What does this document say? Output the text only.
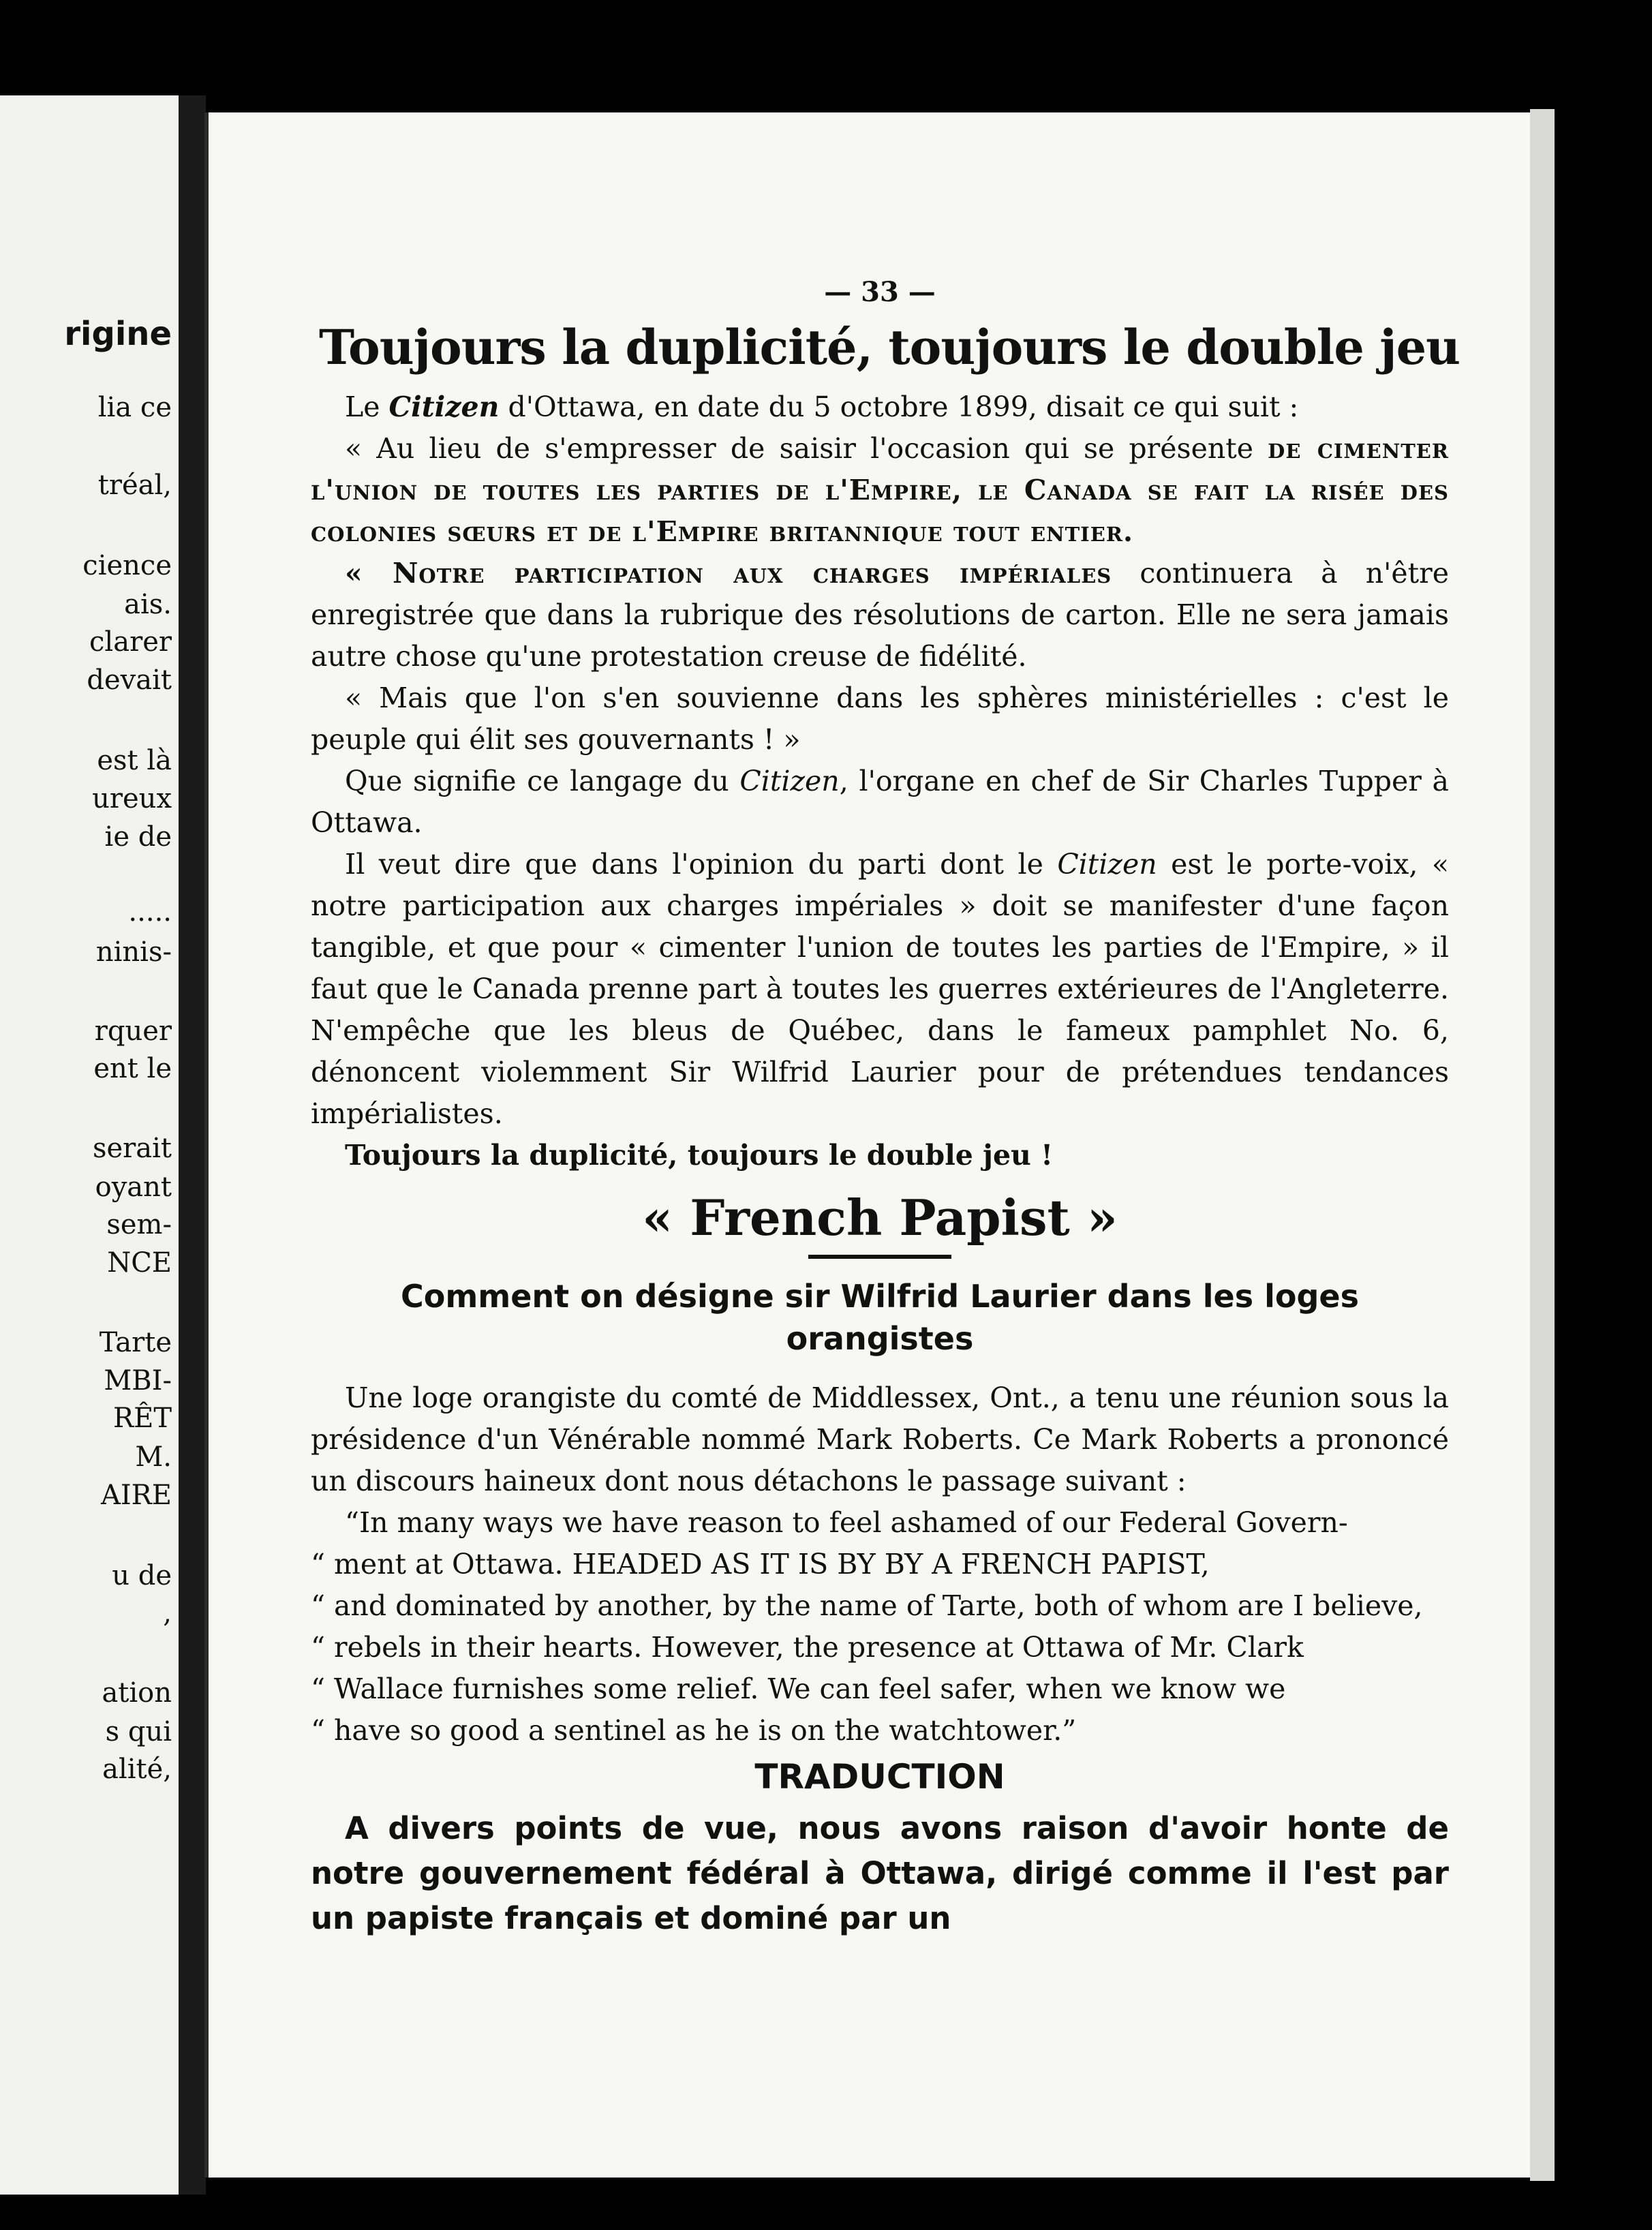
rigine
lia ce
tréal,
cience
ais.
clarer
devait
est là
ureux
ie de
.....
ninis-
rquer
ent le
serait
oyant
sem-
NCE
Tarte
MBI-
RÊT
M.
AIRE
u de
,
ation
s qui
alité,
— 33 —
Toujours la duplicité, toujours le double jeu

Le Citizen d'Ottawa, en date du 5 octobre 1899, disait ce qui suit :

« Au lieu de s'empresser de saisir l'occasion qui se présente de cimenter l'union de toutes les parties de l'Empire, le Canada se fait la risée des colonies sœurs et de l'Empire britannique tout entier.

« Notre participation aux charges impériales continuera à n'être enregistrée que dans la rubrique des résolutions de carton. Elle ne sera jamais autre chose qu'une protestation creuse de fidélité.

« Mais que l'on s'en souvienne dans les sphères ministérielles : c'est le peuple qui élit ses gouvernants ! »

Que signifie ce langage du Citizen, l'organe en chef de Sir Charles Tupper à Ottawa.

Il veut dire que dans l'opinion du parti dont le Citizen est le porte-voix, « notre participation aux charges impériales » doit se manifester d'une façon tangible, et que pour « cimenter l'union de toutes les parties de l'Empire, » il faut que le Canada prenne part à toutes les guerres extérieures de l'Angleterre. N'empêche que les bleus de Québec, dans le fameux pamphlet No. 6, dénoncent violemment Sir Wilfrid Laurier pour de prétendues tendances impérialistes.

Toujours la duplicité, toujours le double jeu !

« French Papist »
Comment on désigne sir Wilfrid Laurier dans les loges orangistes

Une loge orangiste du comté de Middlessex, Ont., a tenu une réunion sous la présidence d'un Vénérable nommé Mark Roberts. Ce Mark Roberts a prononcé un discours haineux dont nous détachons le passage suivant :

“In many ways we have reason to feel ashamed of our Federal Govern-

“ ment at Ottawa. HEADED AS IT IS BY BY A FRENCH PAPIST,

“ and dominated by another, by the name of Tarte, both of whom are I believe,

“ rebels in their hearts. However, the presence at Ottawa of Mr. Clark

“ Wallace furnishes some relief. We can feel safer, when we know we

“ have so good a sentinel as he is on the watchtower.”

TRADUCTION

A divers points de vue, nous avons raison d'avoir honte de notre gouvernement fédéral à Ottawa, dirigé comme il l'est par un papiste français et dominé par un
